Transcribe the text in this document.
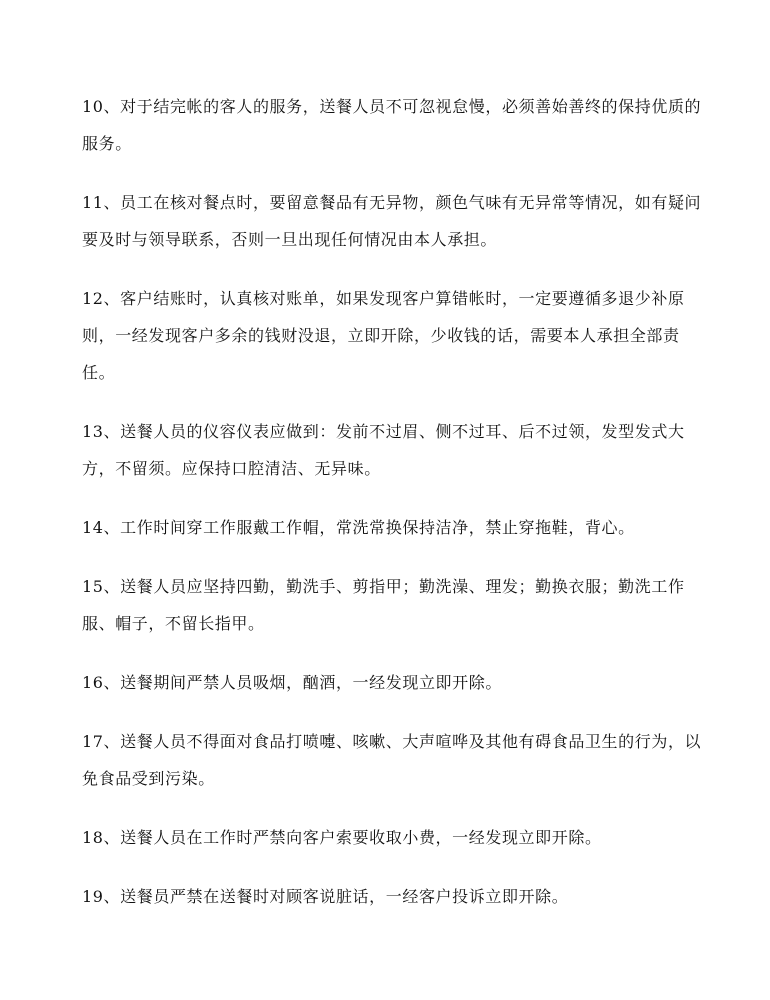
10、对于结完帐的客人的服务，送餐人员不可忽视怠慢，必须善始善终的保持优质的服务。

11、员工在核对餐点时，要留意餐品有无异物，颜色气味有无异常等情况，如有疑问要及时与领导联系，否则一旦出现任何情况由本人承担。

12、客户结账时，认真核对账单，如果发现客户算错帐时，一定要遵循多退少补原则，一经发现客户多余的钱财没退，立即开除，少收钱的话，需要本人承担全部责任。

13、送餐人员的仪容仪表应做到：发前不过眉、侧不过耳、后不过领，发型发式大方，不留须。应保持口腔清洁、无异味。

14、工作时间穿工作服戴工作帽，常洗常换保持洁净，禁止穿拖鞋，背心。

15、送餐人员应坚持四勤，勤洗手、剪指甲；勤洗澡、理发；勤换衣服；勤洗工作服、帽子，不留长指甲。

16、送餐期间严禁人员吸烟，酗酒，一经发现立即开除。

17、送餐人员不得面对食品打喷嚏、咳嗽、大声喧哗及其他有碍食品卫生的行为，以免食品受到污染。

18、送餐人员在工作时严禁向客户索要收取小费，一经发现立即开除。

19、送餐员严禁在送餐时对顾客说脏话，一经客户投诉立即开除。
